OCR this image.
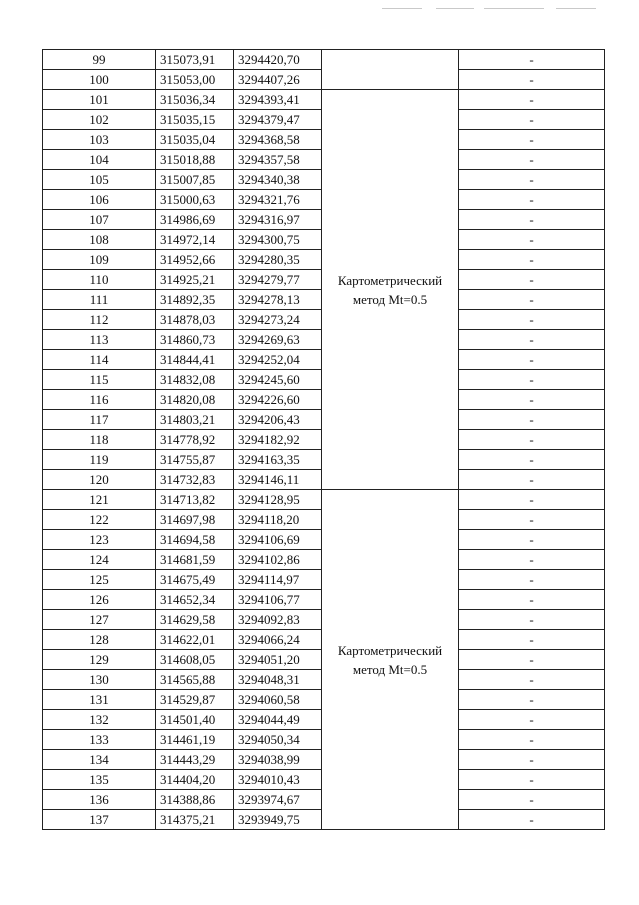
99	315073,91	3294420,70		-
100	315053,00	3294407,26		-
101	315036,34	3294393,41	Картометрический метод Mt=0.5	-
102	315035,15	3294379,47		-
103	315035,04	3294368,58		-
104	315018,88	3294357,58		-
105	315007,85	3294340,38		-
106	315000,63	3294321,76		-
107	314986,69	3294316,97		-
108	314972,14	3294300,75		-
109	314952,66	3294280,35		-
110	314925,21	3294279,77		-
111	314892,35	3294278,13		-
112	314878,03	3294273,24		-
113	314860,73	3294269,63		-
114	314844,41	3294252,04		-
115	314832,08	3294245,60		-
116	314820,08	3294226,60		-
117	314803,21	3294206,43		-
118	314778,92	3294182,92		-
119	314755,87	3294163,35		-
120	314732,83	3294146,11		-
121	314713,82	3294128,95	Картометрический метод Mt=0.5	-
122	314697,98	3294118,20		-
123	314694,58	3294106,69		-
124	314681,59	3294102,86		-
125	314675,49	3294114,97		-
126	314652,34	3294106,77		-
127	314629,58	3294092,83		-
128	314622,01	3294066,24		-
129	314608,05	3294051,20		-
130	314565,88	3294048,31		-
131	314529,87	3294060,58		-
132	314501,40	3294044,49		-
133	314461,19	3294050,34		-
134	314443,29	3294038,99		-
135	314404,20	3294010,43		-
136	314388,86	3293974,67		-
137	314375,21	3293949,75		-
